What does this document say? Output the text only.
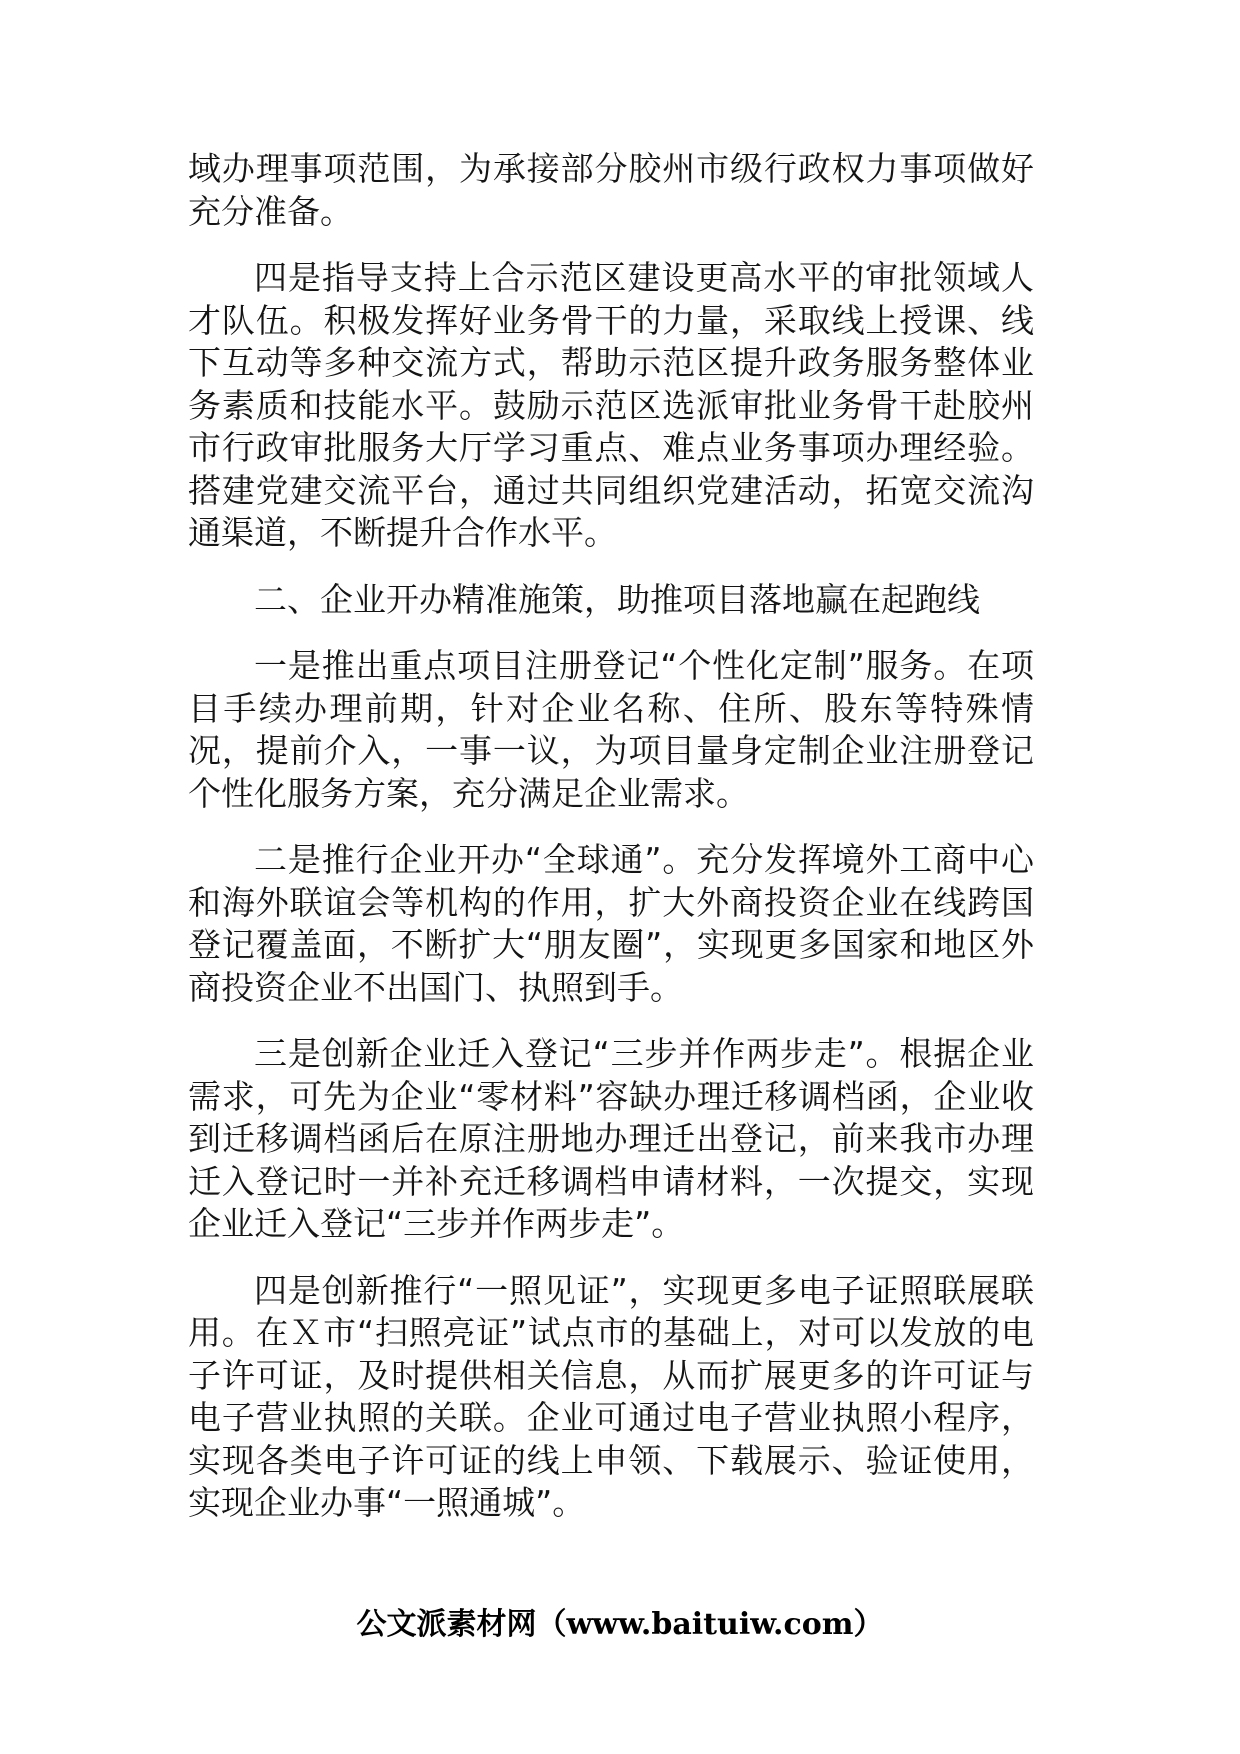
域办理事项范围，为承接部分胶州市级行政权力事项做好充分准备。

四是指导支持上合示范区建设更高水平的审批领域人才队伍。积极发挥好业务骨干的力量，采取线上授课、线下互动等多种交流方式，帮助示范区提升政务服务整体业务素质和技能水平。鼓励示范区选派审批业务骨干赴胶州市行政审批服务大厅学习重点、难点业务事项办理经验。搭建党建交流平台，通过共同组织党建活动，拓宽交流沟通渠道，不断提升合作水平。

二、企业开办精准施策，助推项目落地赢在起跑线

一是推出重点项目注册登记“个性化定制”服务。在项目手续办理前期，针对企业名称、住所、股东等特殊情况，提前介入，一事一议，为项目量身定制企业注册登记个性化服务方案，充分满足企业需求。

二是推行企业开办“全球通”。充分发挥境外工商中心和海外联谊会等机构的作用，扩大外商投资企业在线跨国登记覆盖面，不断扩大“朋友圈”，实现更多国家和地区外商投资企业不出国门、执照到手。

三是创新企业迁入登记“三步并作两步走”。根据企业需求，可先为企业“零材料”容缺办理迁移调档函，企业收到迁移调档函后在原注册地办理迁出登记，前来我市办理迁入登记时一并补充迁移调档申请材料，一次提交，实现企业迁入登记“三步并作两步走”。

四是创新推行“一照见证”，实现更多电子证照联展联用。在Ｘ市“扫照亮证”试点市的基础上，对可以发放的电子许可证，及时提供相关信息，从而扩展更多的许可证与电子营业执照的关联。企业可通过电子营业执照小程序，实现各类电子许可证的线上申领、下载展示、验证使用，实现企业办事“一照通城”。

公文派素材网（www.baituiw.com）
